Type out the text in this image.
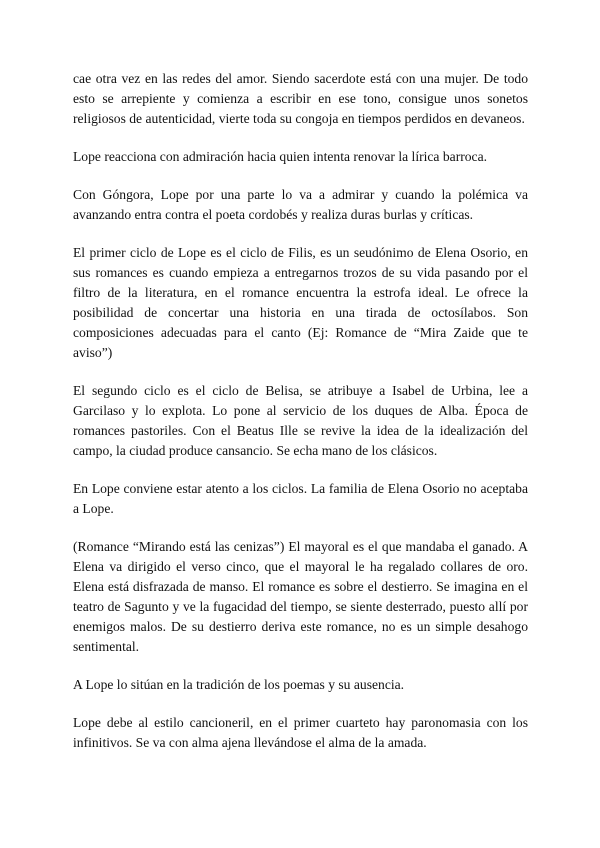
cae otra vez en las redes del amor. Siendo sacerdote está con una mujer. De todo esto se arrepiente y comienza a escribir en ese tono, consigue unos sonetos religiosos de autenticidad, vierte toda su congoja en tiempos perdidos en devaneos.

Lope reacciona con admiración hacia quien intenta renovar la lírica barroca.

Con Góngora, Lope por una parte lo va a admirar y cuando la polémica va avanzando entra contra el poeta cordobés y realiza duras burlas y críticas.

El primer ciclo de Lope es el ciclo de Filis, es un seudónimo de Elena Osorio, en sus romances es cuando empieza a entregarnos trozos de su vida pasando por el filtro de la literatura, en el romance encuentra la estrofa ideal. Le ofrece la posibilidad de concertar una historia en una tirada de octosílabos. Son composiciones adecuadas para el canto (Ej: Romance de “Mira Zaide que te aviso”)

El segundo ciclo es el ciclo de Belisa, se atribuye a Isabel de Urbina, lee a Garcilaso y lo explota. Lo pone al servicio de los duques de Alba. Época de romances pastoriles. Con el Beatus Ille se revive la idea de la idealización del campo, la ciudad produce cansancio. Se echa mano de los clásicos.

En Lope conviene estar atento a los ciclos. La familia de Elena Osorio no aceptaba a Lope.

(Romance “Mirando está las cenizas”) El mayoral es el que mandaba el ganado. A Elena va dirigido el verso cinco, que el mayoral le ha regalado collares de oro. Elena está disfrazada de manso. El romance es sobre el destierro. Se imagina en el teatro de Sagunto y ve la fugacidad del tiempo, se siente desterrado, puesto allí por enemigos malos. De su destierro deriva este romance, no es un simple desahogo sentimental.

A Lope lo sitúan en la tradición de los poemas y su ausencia.

Lope debe al estilo cancioneril, en el primer cuarteto hay paronomasia con los infinitivos. Se va con alma ajena llevándose el alma de la amada.
